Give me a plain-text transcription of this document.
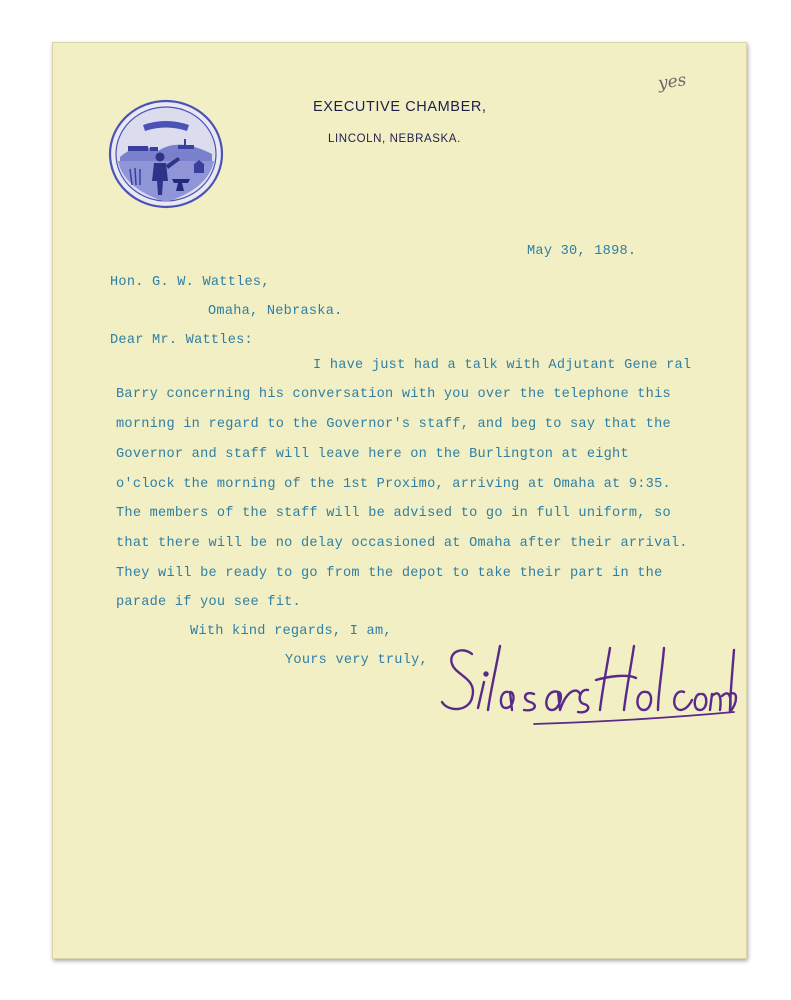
EXECUTIVE CHAMBER,
LINCOLN, NEBRASKA.
yes
May 30, 1898.
Hon. G. W. Wattles,
Omaha, Nebraska.
Dear Mr. Wattles:
I have just had a talk with Adjutant Gene ral
Barry concerning his conversation with you over the telephone this
morning in regard to the Governor's staff, and beg to say that the
Governor and staff will leave here on the Burlington at eight
o'clock the morning of the 1st Proximo, arriving at Omaha at 9:35.
The members of the staff will be advised to go in full uniform, so
that there will be no delay occasioned at Omaha after their arrival.
They will be ready to go from the depot to take their part in the
parade if you see fit.
With kind regards, I am,
Yours very truly,
